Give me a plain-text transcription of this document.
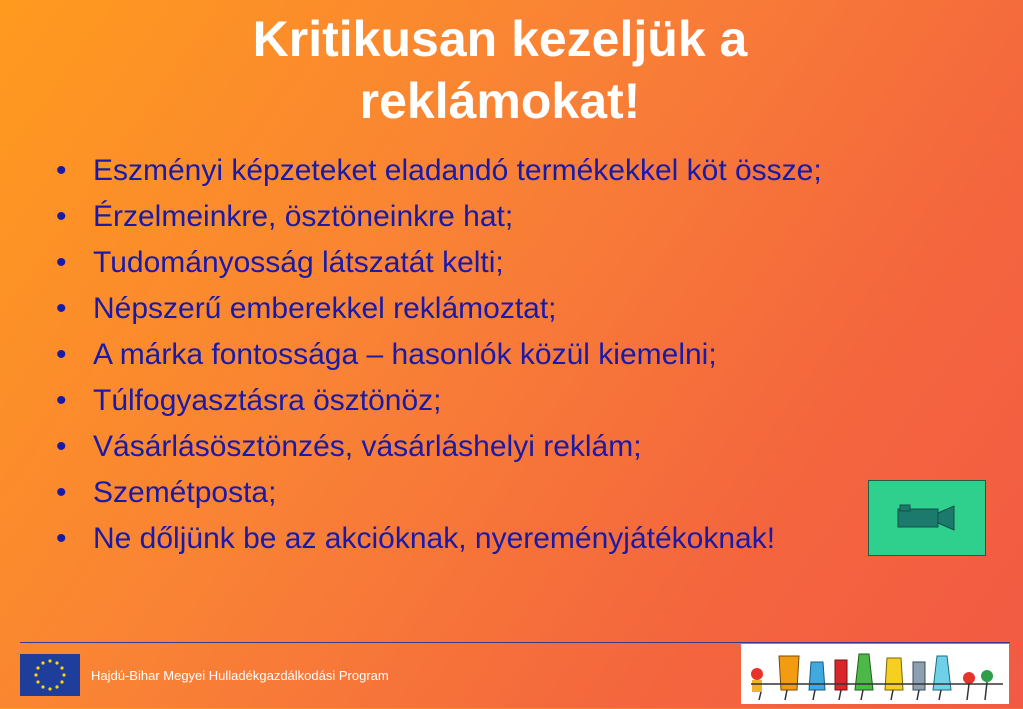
Kritikusan kezeljük a
reklámokat!
• Eszményi képzeteket eladandó termékekkel köt össze;
• Érzelmeinkre, ösztöneinkre hat;
• Tudományosság látszatát kelti;
• Népszerű emberekkel reklámoztat;
• A márka fontossága – hasonlók közül kiemelni;
• Túlfogyasztásra ösztönöz;
• Vásárlásösztönzés, vásárláshelyi reklám;
• Szemétposta;
• Ne dőljünk be az akcióknak, nyereményjátékoknak!
Hajdú-Bihar Megyei Hulladékgazdálkodási Program
